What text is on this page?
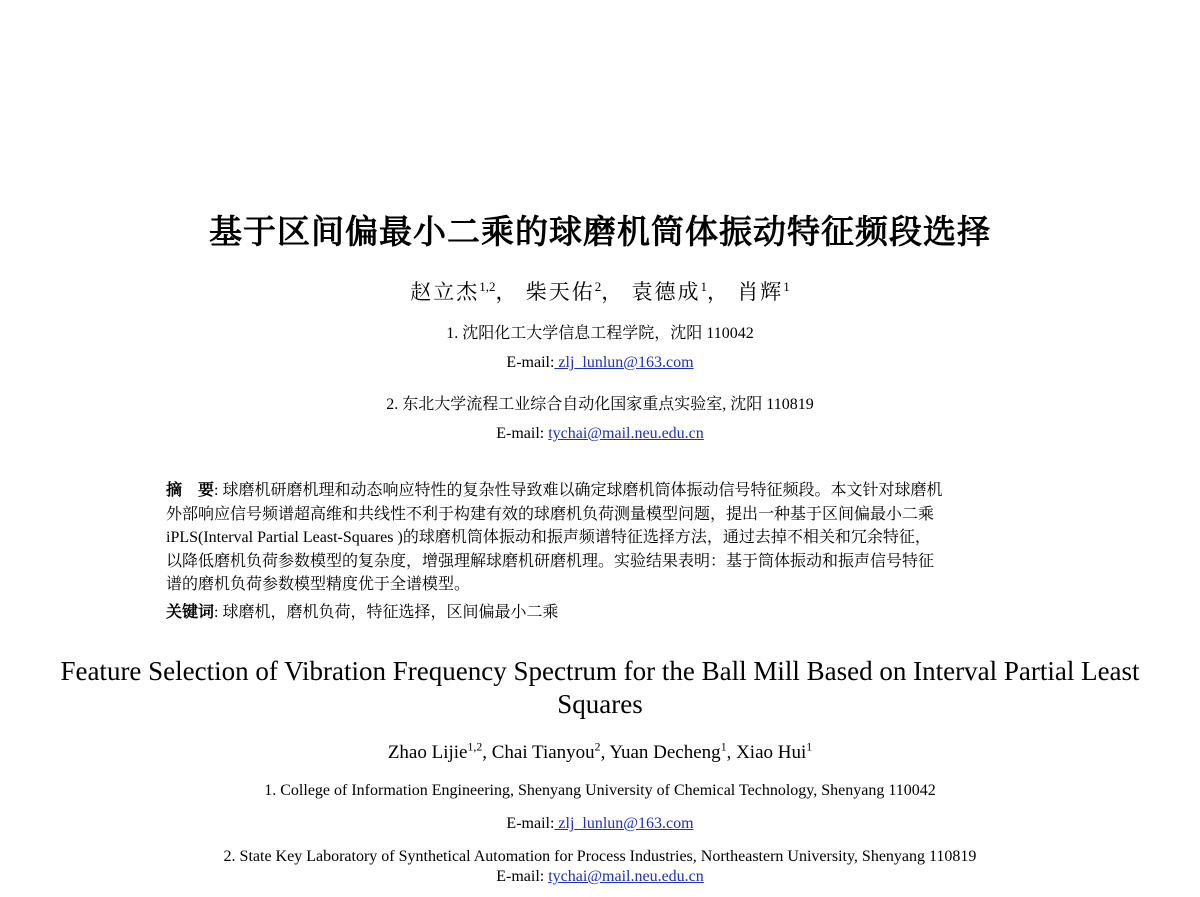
基于区间偏最小二乘的球磨机筒体振动特征频段选择
赵立杰$^{1,2}$， 柴天佑$^2$， 袁德成$^1$， 肖辉$^1$
1. 沈阳化工大学信息工程学院，沈阳 110042
E-mail: zlj_lunlun@163.com
2. 东北大学流程工业综合自动化国家重点实验室, 沈阳 110819
E-mail: tychai@mail.neu.edu.cn
摘　要: 球磨机研磨机理和动态响应特性的复杂性导致难以确定球磨机筒体振动信号特征频段。本文针对球磨机
外部响应信号频谱超高维和共线性不利于构建有效的球磨机负荷测量模型问题，提出一种基于区间偏最小二乘
iPLS(Interval Partial Least-Squares )的球磨机筒体振动和振声频谱特征选择方法，通过去掉不相关和冗余特征，
以降低磨机负荷参数模型的复杂度，增强理解球磨机研磨机理。实验结果表明：基于筒体振动和振声信号特征
谱的磨机负荷参数模型精度优于全谱模型。
关键词: 球磨机，磨机负荷，特征选择，区间偏最小二乘
Feature Selection of Vibration Frequency Spectrum for the Ball Mill Based on Interval Partial Least Squares
Zhao Lijie$^{1,2}$, Chai Tianyou$^2$, Yuan Decheng$^1$, Xiao Hui$^1$
1. College of Information Engineering, Shenyang University of Chemical Technology, Shenyang 110042
E-mail: zlj_lunlun@163.com
2. State Key Laboratory of Synthetical Automation for Process Industries, Northeastern University, Shenyang 110819
E-mail: tychai@mail.neu.edu.cn
